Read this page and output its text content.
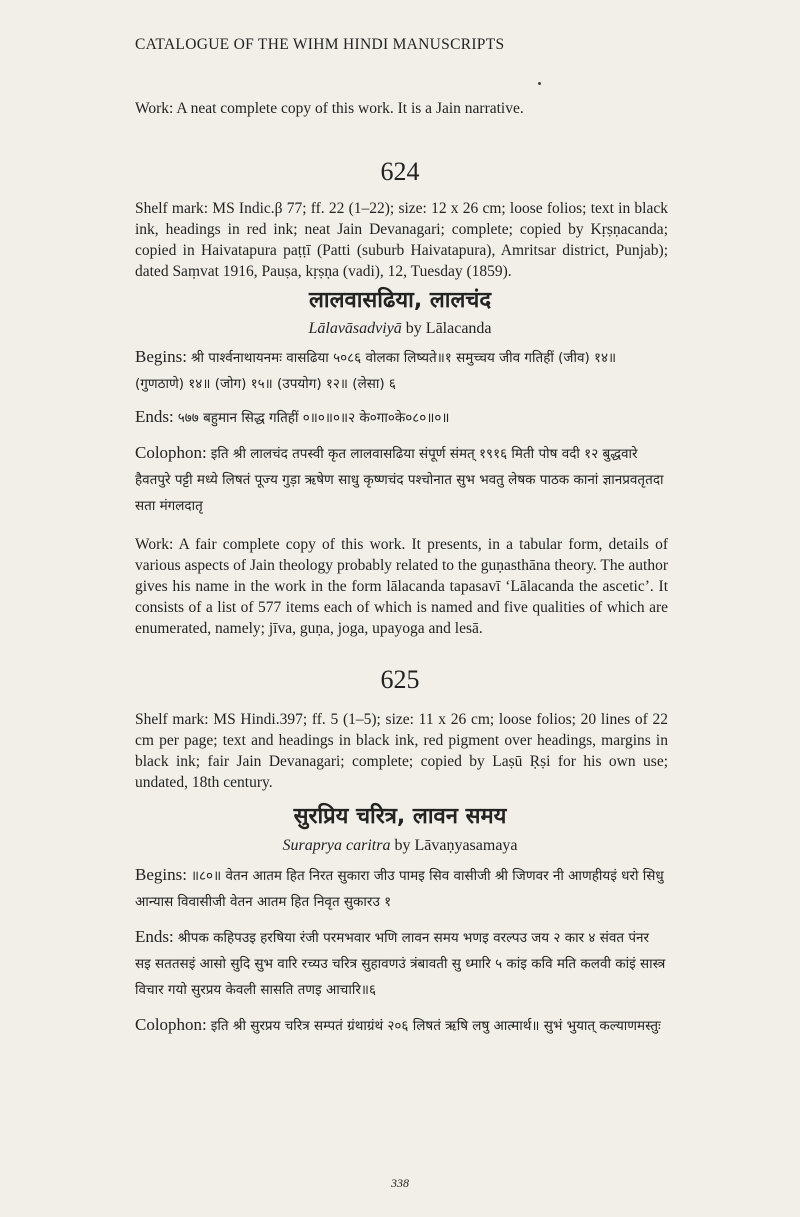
CATALOGUE OF THE WIHM HINDI MANUSCRIPTS

Work: A neat complete copy of this work. It is a Jain narrative.

624

Shelf mark: MS Indic.β 77; ff. 22 (1–22); size: 12 x 26 cm; loose folios; text in black ink, headings in red ink; neat Jain Devanagari; complete; copied by Kṛṣṇacanda; copied in Haivatapura paṭṭī (Patti (suburb Haivatapura), Amritsar district, Punjab); dated Saṃvat 1916, Pauṣa, kṛṣṇa (vadi), 12, Tuesday (1859).

लालवासढिया, लालचंद
Lālavāsadviyā by Lālacanda
Begins: श्री पार्श्वनाथायनमः वासढिया ५०८६ वोलका लिष्यते॥१ समुच्चय जीव गतिहीं (जीव) १४॥ (गुणठाणे) १४॥ (जोग) १५॥ (उपयोग) १२॥ (लेसा) ६
Ends: ५७७ बहुमान सिद्ध गतिहीं ०॥०॥०॥२ के०गा०के०८०॥०॥
Colophon: इति श्री लालचंद तपस्वी कृत लालवासढिया संपूर्ण संमत् १९१६ मिती पोष वदी १२ बुद्धवारे हैवतपुरे पट्टी मध्ये लिषतं पूज्य गुड़ा ऋषेण साधु कृष्णचंद पश्चोनात सुभ भवतु लेषक पाठक कानां ज्ञानप्रवतृतदा सता मंगलदातृ

Work: A fair complete copy of this work. It presents, in a tabular form, details of various aspects of Jain theology probably related to the guṇasthāna theory. The author gives his name in the work in the form lālacanda tapasavī ‘Lālacanda the ascetic’. It consists of a list of 577 items each of which is named and five qualities of which are enumerated, namely; jīva, guṇa, joga, upayoga and lesā.

625

Shelf mark: MS Hindi.397; ff. 5 (1–5); size: 11 x 26 cm; loose folios; 20 lines of 22 cm per page; text and headings in black ink, red pigment over headings, margins in black ink; fair Jain Devanagari; complete; copied by Laṣū Ṛṣi for his own use; undated, 18th century.

सुरप्रिय चरित्र, लावन समय
Suraprya caritra by Lāvaṇyasamaya
Begins: ॥८०॥ वेतन आतम हित निरत सुकारा जीउ पामइ सिव वासीजी श्री जिणवर नी आणहीयइं धरो सिधु आन्यास विवासीजी वेतन आतम हित निवृत सुकारउ १
Ends: श्रीपक कहिपउइ हरषिया रंजी परमभवार भणि लावन समय भणइ वरल्पउ जय २ कार ४ संवत पंनर सइ सततसइं आसो सुदि सुभ वारि रच्यउ चरित्र सुहावणउं त्रंबावती सु ध्मारि ५ कांइ कवि मति कलवी कांइं सास्त्र विचार गयो सुरप्रय केवली सासति तणइ आचारि॥६
Colophon: इति श्री सुरप्रय चरित्र सम्पतं ग्रंथाग्रंथं २०६ लिषतं ऋषि लषु आत्मार्थ॥ सुभं भुयात् कल्याणमस्तुः
338
